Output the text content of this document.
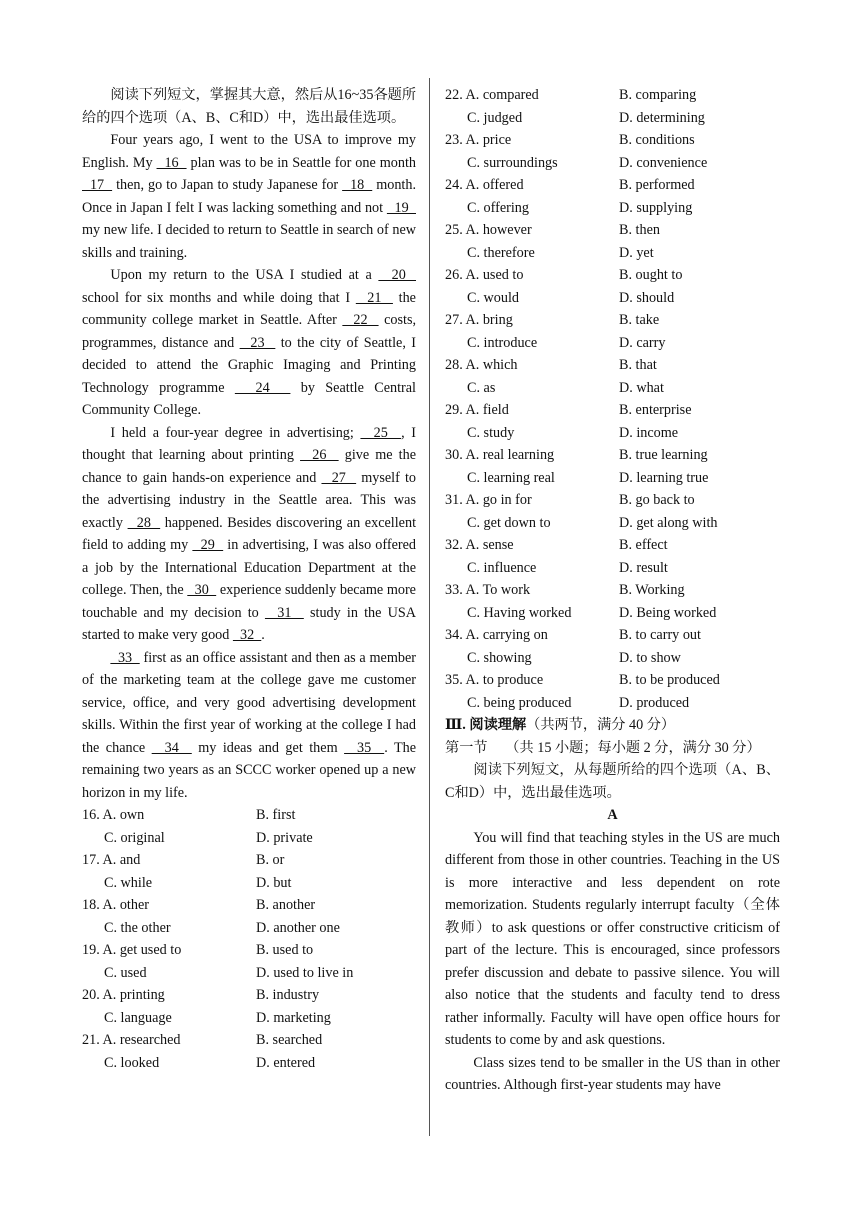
阅读下列短文，掌握其大意，然后从16~35各题所给的四个选项（A、B、C和D）中，选出最佳选项。

Four years ago, I went to the USA to improve my English. My   16   plan was to be in Seattle for one month   17   then, go to Japan to study Japanese for   18   month. Once in Japan I felt I was lacking something and not   19   my new life. I decided to return to Seattle in search of new skills and training.

Upon my return to the USA I studied at a   20   school for six months and while doing that I   21   the community college market in Seattle. After   22   costs, programmes, distance and   23   to the city of Seattle, I decided to attend the Graphic Imaging and Printing Technology programme   24   by Seattle Central Community College.

I held a four-year degree in advertising;   25  , I thought that learning about printing   26   give me the chance to gain hands-on experience and   27   myself to the advertising industry in the Seattle area. This was exactly   28   happened. Besides discovering an excellent field to adding my   29   in advertising, I was also offered a job by the International Education Department at the college. Then, the   30   experience suddenly became more touchable and my decision to   31   study in the USA started to make very good   32  .

33   first as an office assistant and then as a member of the marketing team at the college gave me customer service, office, and very good advertising development skills. Within the first year of working at the college I had the chance   34   my ideas and get them   35  . The remaining two years as an SCCC worker opened up a new horizon in my life.

16. A. own	B. first
C. original	D. private
17. A. and	B. or
C. while	D. but
18. A. other	B. another
C. the other	D. another one
19. A. get used to	B. used to
C. used	D. used to live in
20. A. printing	B. industry
C. language	D. marketing
21. A. researched	B. searched
C. looked	D. entered
22. A. compared	B. comparing
C. judged	D. determining
23. A. price	B. conditions
C. surroundings	D. convenience
24. A. offered	B. performed
C. offering	D. supplying
25. A. however	B. then
C. therefore	D. yet
26. A. used to	B. ought to
C. would	D. should
27. A. bring	B. take
C. introduce	D. carry
28. A. which	B. that
C. as	D. what
29. A. field	B. enterprise
C. study	D. income
30. A. real learning	B. true learning
C. learning real	D. learning true
31. A. go in for	B. go back to
C. get down to	D. get along with
32. A. sense	B. effect
C. influence	D. result
33. A. To work	B. Working
C. Having worked	D. Being worked
34. A. carrying on	B. to carry out
C. showing	D. to show
35. A. to produce	B. to be produced
C. being produced	D. produced
Ⅲ. 阅读理解（共两节，满分 40 分）
第一节　 （共 15 小题；每小题 2 分，满分 30 分）

阅读下列短文，从每题所给的四个选项（A、B、C和D）中，选出最佳选项。

A

You will find that teaching styles in the US are much different from those in other countries. Teaching in the US is more interactive and less dependent on rote memorization. Students regularly interrupt faculty（全体教师）to ask questions or offer constructive criticism of part of the lecture. This is encouraged, since professors prefer discussion and debate to passive silence. You will also notice that the students and faculty tend to dress rather informally. Faculty will have open office hours for students to come by and ask questions.

Class sizes tend to be smaller in the US than in other countries. Although first-year students may have
